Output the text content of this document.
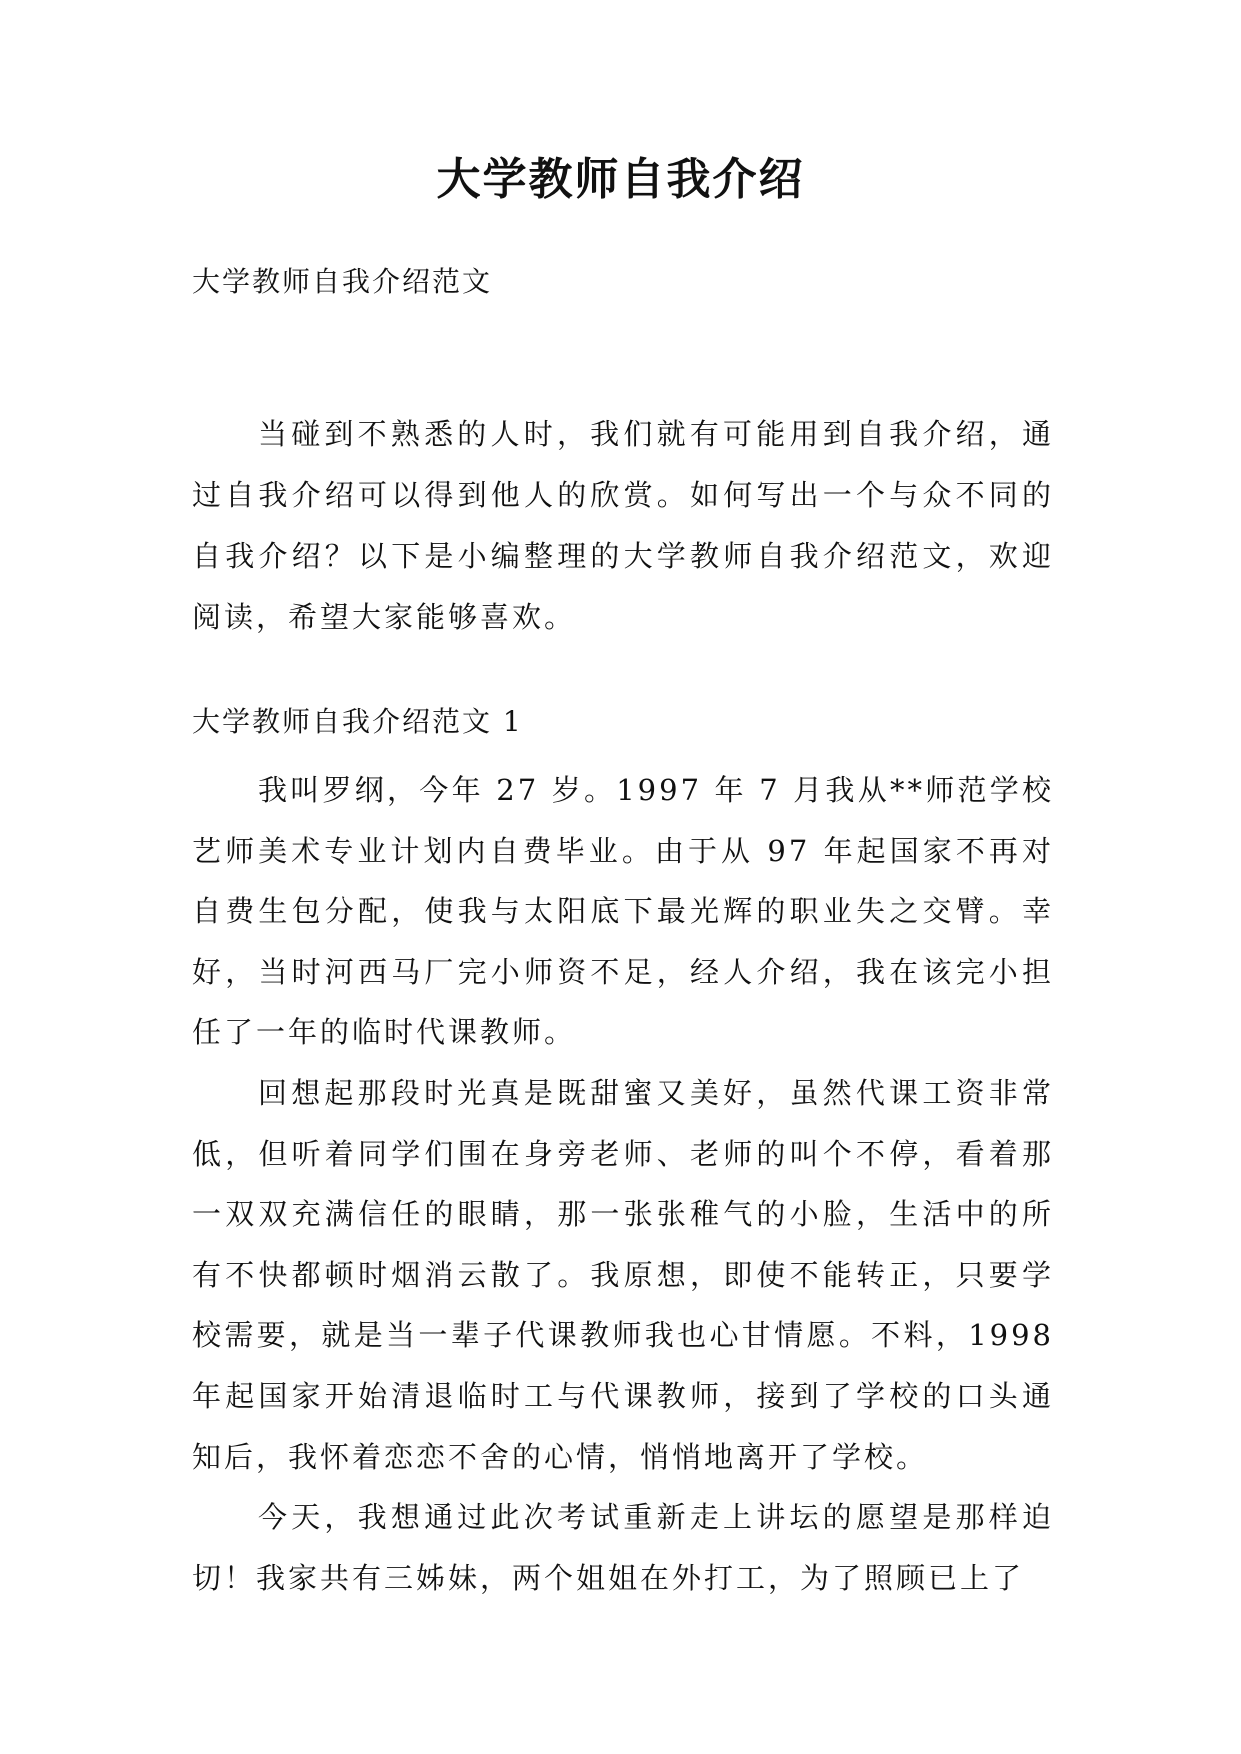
大学教师自我介绍

大学教师自我介绍范文

当碰到不熟悉的人时，我们就有可能用到自我介绍，通过自我介绍可以得到他人的欣赏。如何写出一个与众不同的自我介绍？以下是小编整理的大学教师自我介绍范文，欢迎阅读，希望大家能够喜欢。

大学教师自我介绍范文 1

我叫罗纲，今年 27 岁。1997 年 7 月我从**师范学校艺师美术专业计划内自费毕业。由于从 97 年起国家不再对自费生包分配，使我与太阳底下最光辉的职业失之交臂。幸好，当时河西马厂完小师资不足，经人介绍，我在该完小担任了一年的临时代课教师。

回想起那段时光真是既甜蜜又美好，虽然代课工资非常低，但听着同学们围在身旁老师、老师的叫个不停，看着那一双双充满信任的眼睛，那一张张稚气的小脸，生活中的所有不快都顿时烟消云散了。我原想，即使不能转正，只要学校需要，就是当一辈子代课教师我也心甘情愿。不料，1998 年起国家开始清退临时工与代课教师，接到了学校的口头通知后，我怀着恋恋不舍的心情，悄悄地离开了学校。

今天，我想通过此次考试重新走上讲坛的愿望是那样迫切！我家共有三姊妹，两个姐姐在外打工，为了照顾已上了
